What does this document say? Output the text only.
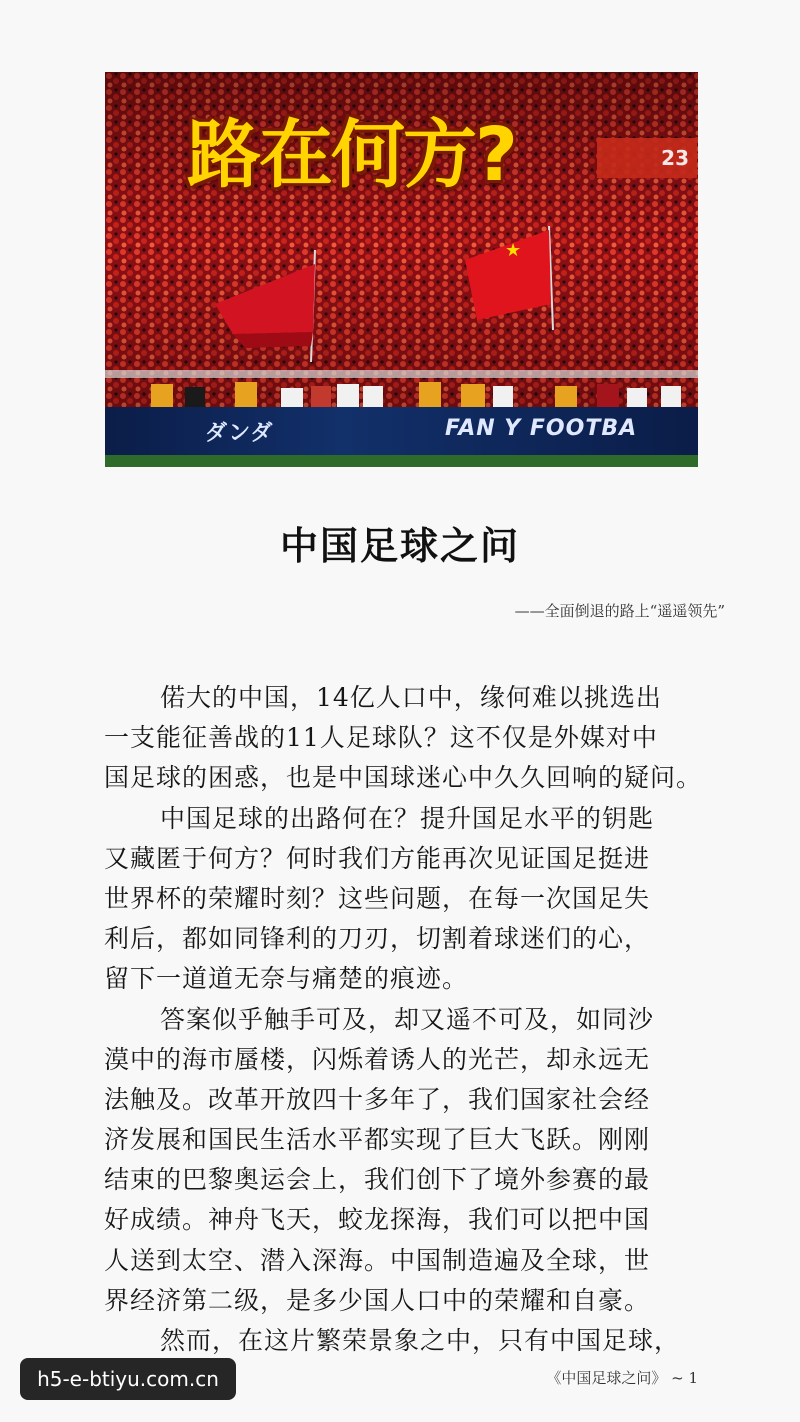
★
ダンダ	FAN Y FOOTBA
23
路在何方?
中国足球之问
——全面倒退的路上“遥遥领先”
偌大的中国，14亿人口中，缘何难以挑选出
一支能征善战的11人足球队？这不仅是外媒对中
国足球的困惑，也是中国球迷心中久久回响的疑问。
中国足球的出路何在？提升国足水平的钥匙
又藏匿于何方？何时我们方能再次见证国足挺进
世界杯的荣耀时刻？这些问题，在每一次国足失
利后，都如同锋利的刀刃，切割着球迷们的心，
留下一道道无奈与痛楚的痕迹。
答案似乎触手可及，却又遥不可及，如同沙
漠中的海市蜃楼，闪烁着诱人的光芒，却永远无
法触及。改革开放四十多年了，我们国家社会经
济发展和国民生活水平都实现了巨大飞跃。刚刚
结束的巴黎奥运会上，我们创下了境外参赛的最
好成绩。神舟飞天，蛟龙探海，我们可以把中国
人送到太空、潜入深海。中国制造遍及全球，世
界经济第二级，是多少国人口中的荣耀和自豪。
然而，在这片繁荣景象之中，只有中国足球，
h5-e-btiyu.com.cn	《中国足球之问》 ~ 1
